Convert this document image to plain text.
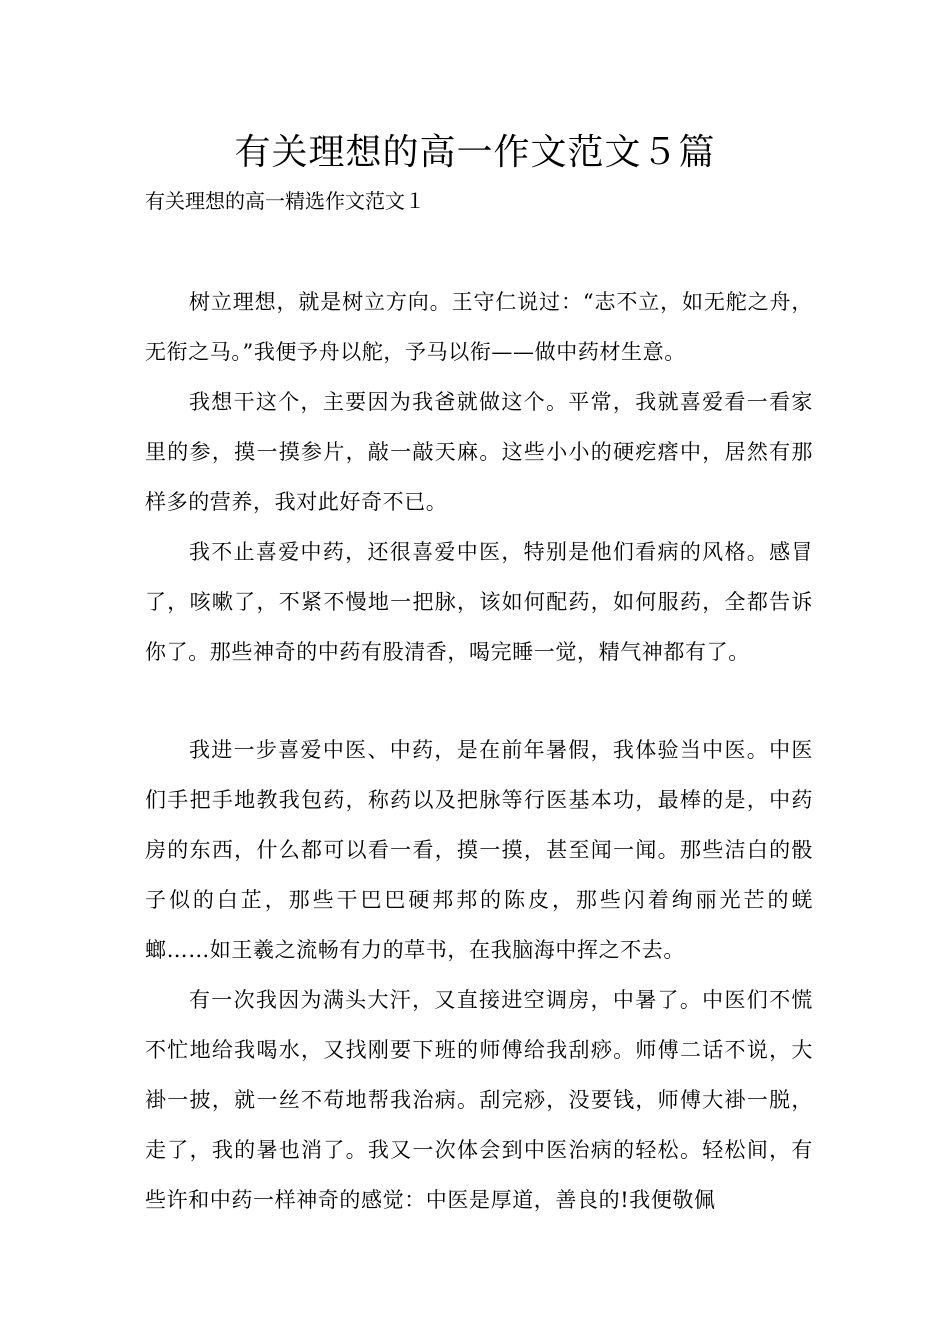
有关理想的高一作文范文５篇

有关理想的高一精选作文范文１

树立理想，就是树立方向。王守仁说过：“志不立，如无舵之舟，无衔之马。”我便予舟以舵，予马以衔——做中药材生意。

我想干这个，主要因为我爸就做这个。平常，我就喜爱看一看家里的参，摸一摸参片，敲一敲天麻。这些小小的硬疙瘩中，居然有那样多的营养，我对此好奇不已。

我不止喜爱中药，还很喜爱中医，特别是他们看病的风格。感冒了，咳嗽了，不紧不慢地一把脉，该如何配药，如何服药，全都告诉你了。那些神奇的中药有股清香，喝完睡一觉，精气神都有了。

我进一步喜爱中医、中药，是在前年暑假，我体验当中医。中医们手把手地教我包药，称药以及把脉等行医基本功，最棒的是，中药房的东西，什么都可以看一看，摸一摸，甚至闻一闻。那些洁白的骰子似的白芷，那些干巴巴硬邦邦的陈皮，那些闪着绚丽光芒的蜣螂……如王羲之流畅有力的草书，在我脑海中挥之不去。

有一次我因为满头大汗，又直接进空调房，中暑了。中医们不慌不忙地给我喝水，又找刚要下班的师傅给我刮痧。师傅二话不说，大褂一披，就一丝不苟地帮我治病。刮完痧，没要钱，师傅大褂一脱，走了，我的暑也消了。我又一次体会到中医治病的轻松。轻松间，有些许和中药一样神奇的感觉：中医是厚道，善良的!我便敬佩
